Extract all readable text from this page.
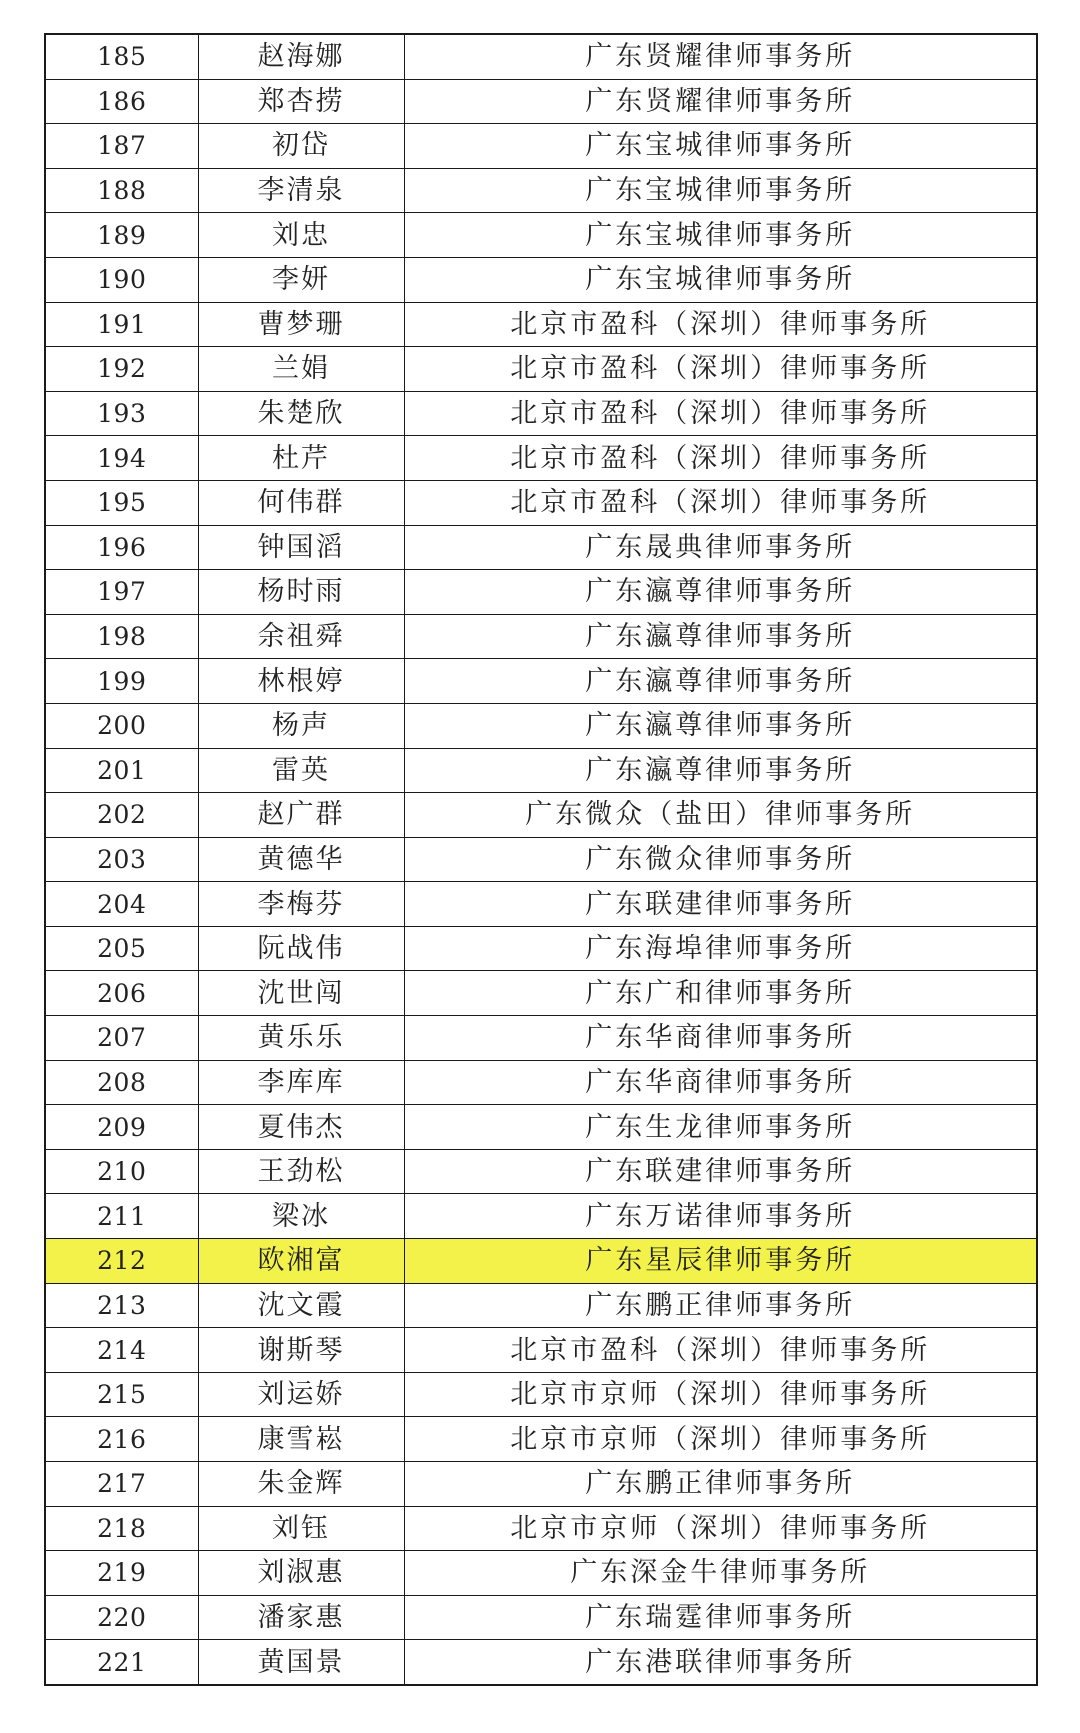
185	赵海娜	广东贤耀律师事务所
186	郑杏捞	广东贤耀律师事务所
187	初岱	广东宝城律师事务所
188	李清泉	广东宝城律师事务所
189	刘忠	广东宝城律师事务所
190	李妍	广东宝城律师事务所
191	曹梦珊	北京市盈科（深圳）律师事务所
192	兰娟	北京市盈科（深圳）律师事务所
193	朱楚欣	北京市盈科（深圳）律师事务所
194	杜芹	北京市盈科（深圳）律师事务所
195	何伟群	北京市盈科（深圳）律师事务所
196	钟国滔	广东晟典律师事务所
197	杨时雨	广东瀛尊律师事务所
198	余祖舜	广东瀛尊律师事务所
199	林根婷	广东瀛尊律师事务所
200	杨声	广东瀛尊律师事务所
201	雷英	广东瀛尊律师事务所
202	赵广群	广东微众（盐田）律师事务所
203	黄德华	广东微众律师事务所
204	李梅芬	广东联建律师事务所
205	阮战伟	广东海埠律师事务所
206	沈世闯	广东广和律师事务所
207	黄乐乐	广东华商律师事务所
208	李库库	广东华商律师事务所
209	夏伟杰	广东生龙律师事务所
210	王劲松	广东联建律师事务所
211	梁冰	广东万诺律师事务所
212	欧湘富	广东星辰律师事务所
213	沈文霞	广东鹏正律师事务所
214	谢斯琴	北京市盈科（深圳）律师事务所
215	刘运娇	北京市京师（深圳）律师事务所
216	康雪崧	北京市京师（深圳）律师事务所
217	朱金辉	广东鹏正律师事务所
218	刘钰	北京市京师（深圳）律师事务所
219	刘淑惠	广东深金牛律师事务所
220	潘家惠	广东瑞霆律师事务所
221	黄国景	广东港联律师事务所
